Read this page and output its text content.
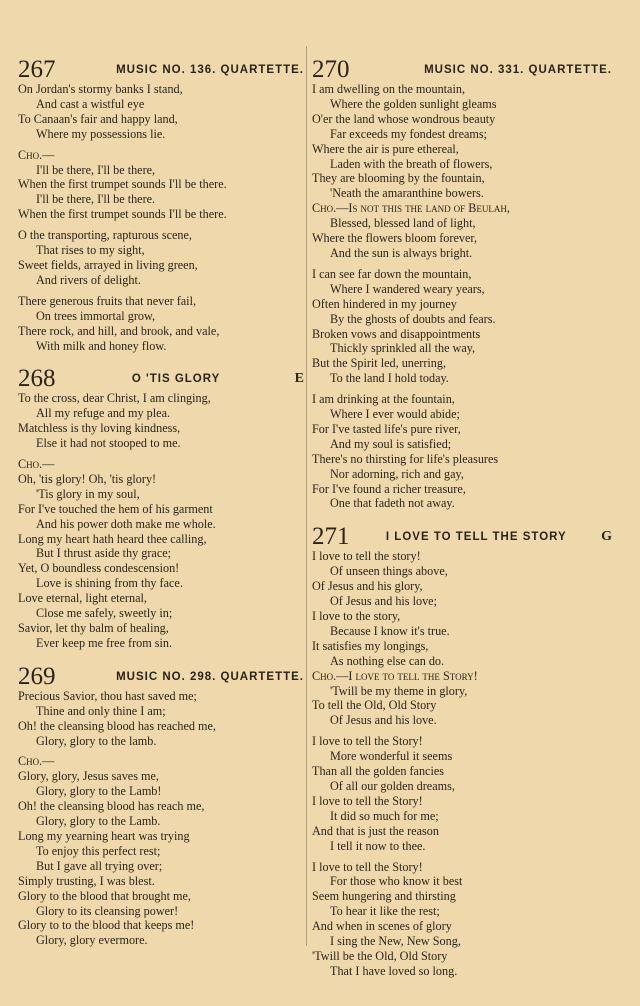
267	MUSIC NO. 136. QUARTETTE.
On Jordan's stormy banks I stand,
And cast a wistful eye
To Canaan's fair and happy land,
Where my possessions lie.
Cho.—
I'll be there, I'll be there,
When the first trumpet sounds I'll be there.
I'll be there, I'll be there.
When the first trumpet sounds I'll be there.
O the transporting, rapturous scene,
That rises to my sight,
Sweet fields, arrayed in living green,
And rivers of delight.
There generous fruits that never fail,
On trees immortal grow,
There rock, and hill, and brook, and vale,
With milk and honey flow.
268	O 'TIS GLORY	E
To the cross, dear Christ, I am clinging,
All my refuge and my plea.
Matchless is thy loving kindness,
Else it had not stooped to me.
Cho.—
Oh, 'tis glory! Oh, 'tis glory!
'Tis glory in my soul,
For I've touched the hem of his garment
And his power doth make me whole.
Long my heart hath heard thee calling,
But I thrust aside thy grace;
Yet, O boundless condescension!
Love is shining from thy face.
Love eternal, light eternal,
Close me safely, sweetly in;
Savior, let thy balm of healing,
Ever keep me free from sin.
269	MUSIC NO. 298. QUARTETTE.
Precious Savior, thou hast saved me;
Thine and only thine I am;
Oh! the cleansing blood has reached me,
Glory, glory to the lamb.
Cho.—
Glory, glory, Jesus saves me,
Glory, glory to the Lamb!
Oh! the cleansing blood has reach me,
Glory, glory to the Lamb.
Long my yearning heart was trying
To enjoy this perfect rest;
But I gave all trying over;
Simply trusting, I was blest.
Glory to the blood that brought me,
Glory to its cleansing power!
Glory to to the blood that keeps me!
Glory, glory evermore.
270	MUSIC NO. 331. QUARTETTE.
I am dwelling on the mountain,
Where the golden sunlight gleams
O'er the land whose wondrous beauty
Far exceeds my fondest dreams;
Where the air is pure ethereal,
Laden with the breath of flowers,
They are blooming by the fountain,
'Neath the amaranthine bowers.
Cho.—Is not this the land of Beulah,
Blessed, blessed land of light,
Where the flowers bloom forever,
And the sun is always bright.
I can see far down the mountain,
Where I wandered weary years,
Often hindered in my journey
By the ghosts of doubts and fears.
Broken vows and disappointments
Thickly sprinkled all the way,
But the Spirit led, unerring,
To the land I hold today.
I am drinking at the fountain,
Where I ever would abide;
For I've tasted life's pure river,
And my soul is satisfied;
There's no thirsting for life's pleasures
Nor adorning, rich and gay,
For I've found a richer treasure,
One that fadeth not away.
271	I LOVE TO TELL THE STORY	G
I love to tell the story!
Of unseen things above,
Of Jesus and his glory,
Of Jesus and his love;
I love to the story,
Because I know it's true.
It satisfies my longings,
As nothing else can do.
Cho.—I love to tell the Story!
'Twill be my theme in glory,
To tell the Old, Old Story
Of Jesus and his love.
I love to tell the Story!
More wonderful it seems
Than all the golden fancies
Of all our golden dreams,
I love to tell the Story!
It did so much for me;
And that is just the reason
I tell it now to thee.
I love to tell the Story!
For those who know it best
Seem hungering and thirsting
To hear it like the rest;
And when in scenes of glory
I sing the New, New Song,
'Twill be the Old, Old Story
That I have loved so long.
